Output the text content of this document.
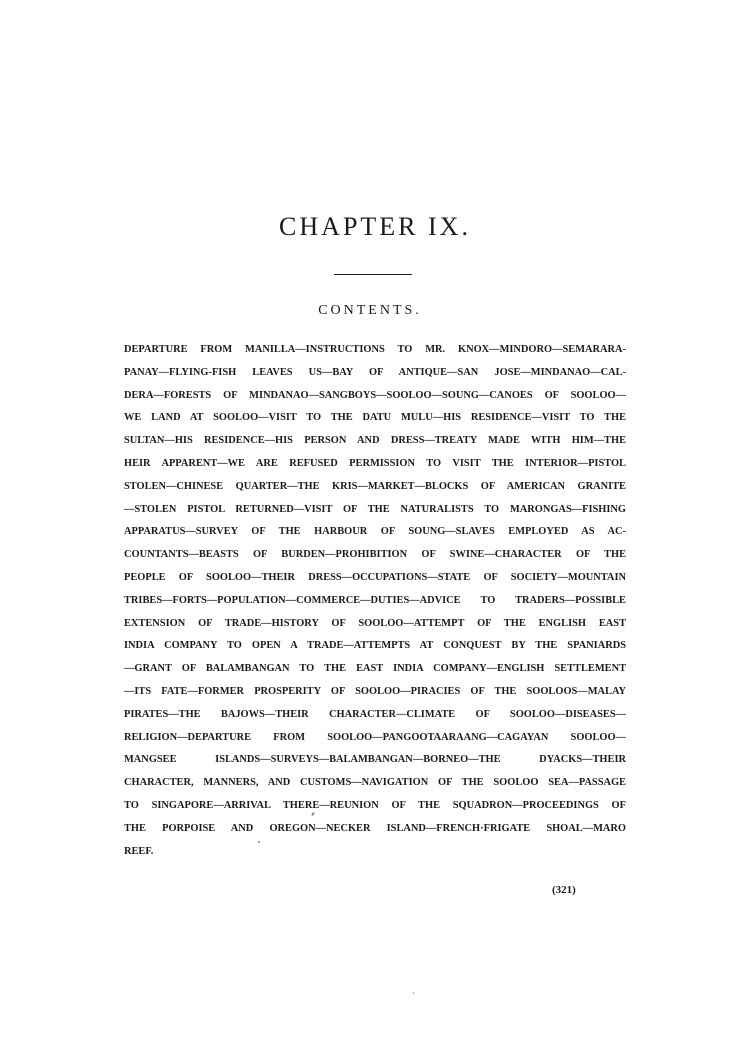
CHAPTER IX.
CONTENTS.
DEPARTURE FROM MANILLA—INSTRUCTIONS TO MR. KNOX—MINDORO—SEMARARA-
PANAY—FLYING-FISH LEAVES US—BAY OF ANTIQUE—SAN JOSE—MINDANAO—CAL-
DERA—FORESTS OF MINDANAO—SANGBOYS—SOOLOO—SOUNG—CANOES OF SOOLOO—
WE LAND AT SOOLOO—VISIT TO THE DATU MULU—HIS RESIDENCE—VISIT TO THE
SULTAN—HIS RESIDENCE—HIS PERSON AND DRESS—TREATY MADE WITH HIM—THE
HEIR APPARENT—WE ARE REFUSED PERMISSION TO VISIT THE INTERIOR—PISTOL
STOLEN—CHINESE QUARTER—THE KRIS—MARKET—BLOCKS OF AMERICAN GRANITE
—STOLEN PISTOL RETURNED—VISIT OF THE NATURALISTS TO MARONGAS—FISHING
APPARATUS—SURVEY OF THE HARBOUR OF SOUNG—SLAVES EMPLOYED AS AC-
COUNTANTS—BEASTS OF BURDEN—PROHIBITION OF SWINE—CHARACTER OF THE
PEOPLE OF SOOLOO—THEIR DRESS—OCCUPATIONS—STATE OF SOCIETY—MOUNTAIN
TRIBES—FORTS—POPULATION—COMMERCE—DUTIES—ADVICE TO TRADERS—POSSIBLE
EXTENSION OF TRADE—HISTORY OF SOOLOO—ATTEMPT OF THE ENGLISH EAST
INDIA COMPANY TO OPEN A TRADE—ATTEMPTS AT CONQUEST BY THE SPANIARDS
—GRANT OF BALAMBANGAN TO THE EAST INDIA COMPANY—ENGLISH SETTLEMENT
—ITS FATE—FORMER PROSPERITY OF SOOLOO—PIRACIES OF THE SOOLOOS—MALAY
PIRATES—THE BAJOWS—THEIR CHARACTER—CLIMATE OF SOOLOO—DISEASES—
RELIGION—DEPARTURE FROM SOOLOO—PANGOOTAARAANG—CAGAYAN SOOLOO—
MANGSEE ISLANDS—SURVEYS—BALAMBANGAN—BORNEO—THE DYACKS—THEIR
CHARACTER, MANNERS, AND CUSTOMS—NAVIGATION OF THE SOOLOO SEA—PASSAGE
TO SINGAPORE—ARRIVAL THERE—REUNION OF THE SQUADRON—PROCEEDINGS OF
THE PORPOISE AND OREGON—NECKER ISLAND—FRENCH·FRIGATE SHOAL—MARO
REEF.
(321)
